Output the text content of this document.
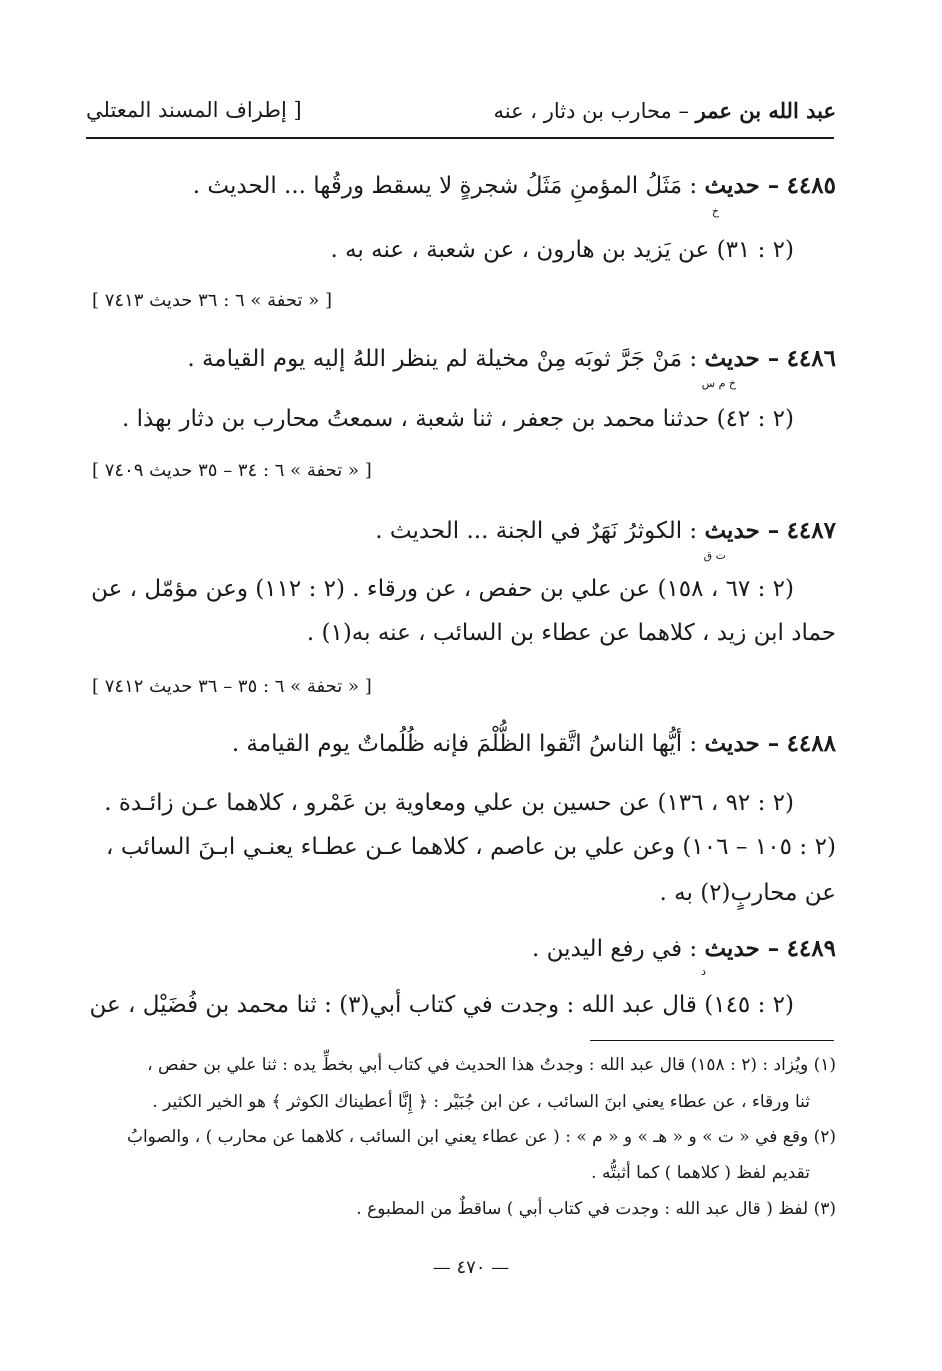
عبد الله بن عمر – محارب بن دثار ، عنه
[ إطراف المسند المعتلي
٤٤٨٥ – حديث : مَثَلُ المؤمنِ مَثَلُ شجرةٍ لا يسقط ورقُها ... الحديث .
خ
(٢ : ٣١) عن يَزيد بن هارون ، عن شعبة ، عنه به .
[ « تحفة » ٦ : ٣٦ حديث ٧٤١٣ ]
٤٤٨٦ – حديث : مَنْ جَرَّ ثوبَه مِنْ مخيلة لم ينظر اللهُ إليه يوم القيامة .
خ م س
(٢ : ٤٢) حدثنا محمد بن جعفر ، ثنا شعبة ، سمعتُ محارب بن دثار بهذا .
[ « تحفة » ٦ : ٣٤ – ٣٥ حديث ٧٤٠٩ ]
٤٤٨٧ – حديث : الكوثرُ نَهَرٌ في الجنة ... الحديث .
ت ق
(٢ : ٦٧ ، ١٥٨) عن علي بن حفص ، عن ورقاء . (٢ : ١١٢) وعن مؤمّل ، عن
حماد ابن زيد ، كلاهما عن عطاء بن السائب ، عنه به(١) .
[ « تحفة » ٦ : ٣٥ – ٣٦ حديث ٧٤١٢ ]
٤٤٨٨ – حديث : أيُّها الناسُ اتَّقوا الظُّلْمَ فإنه ظُلُماتٌ يوم القيامة .
(٢ : ٩٢ ، ١٣٦) عن حسين بن علي ومعاوية بن عَمْرو ، كلاهما عـن زائـدة .
(٢ : ١٠٥ – ١٠٦) وعن علي بن عاصم ، كلاهما عـن عطـاء يعنـي ابـنَ السائب ،
عن محاربٍ(٢) به .
٤٤٨٩ – حديث : في رفع اليدين .
د
(٢ : ١٤٥) قال عبد الله : وجدت في كتاب أبي(٣) : ثنا محمد بن فُضَيْل ، عن
(١) ويُزاد : (٢ : ١٥٨) قال عبد الله : وجدتُ هذا الحديث في كتاب أبي بخطِّ يده : ثنا علي بن حفص ،
ثنا ورقاء ، عن عطاء يعني ابنَ السائب ، عن ابن جُبَيْر : ﴿ إِنَّا أعطيناك الكوثر ﴾ هو الخير الكثير .
(٢) وقع في « ت » و « هـ » و « م » : ( عن عطاء يعني ابن السائب ، كلاهما عن محارب ) ، والصوابُ
تقديم لفظ ( كلاهما ) كما أثبتُّه .
(٣) لفظ ( قال عبد الله : وجدت في كتاب أبي ) ساقطٌ من المطبوع .
— ٤٧٠ —
